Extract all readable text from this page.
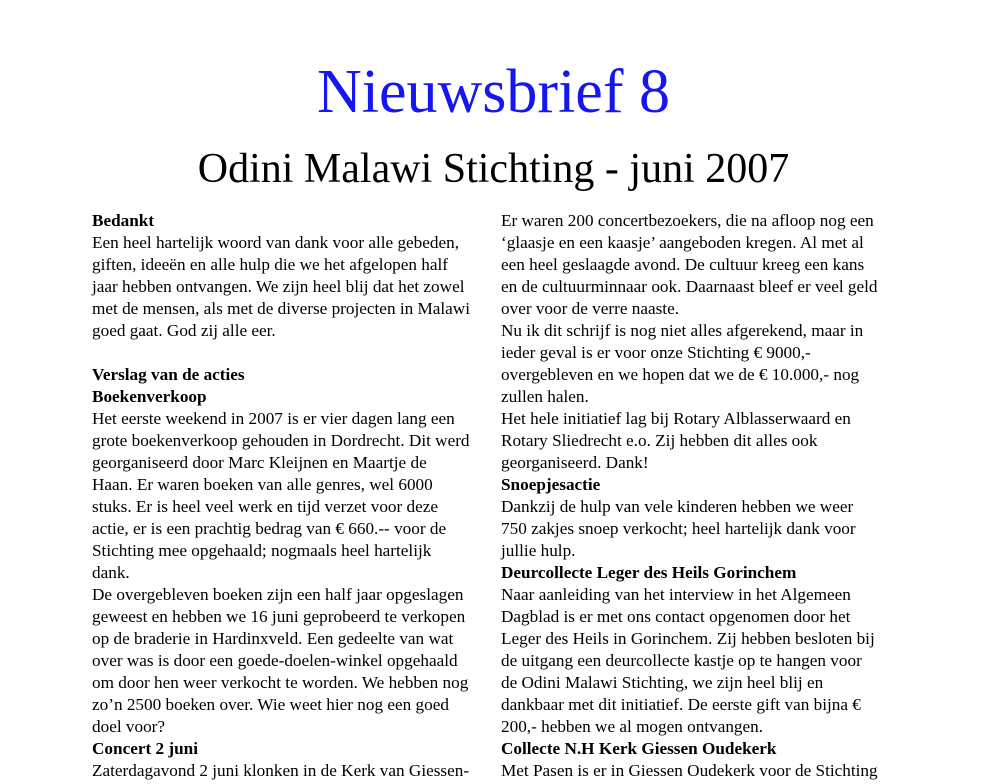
Nieuwsbrief 8
Odini Malawi Stichting - juni 2007
Bedankt
Een heel hartelijk woord van dank voor alle gebeden,
giften, ideeën en alle hulp die we het afgelopen half
jaar hebben ontvangen. We zijn heel blij dat het zowel
met de mensen, als met de diverse projecten in Malawi
goed gaat. God zij alle eer.
Verslag van de acties
Boekenverkoop
Het eerste weekend in 2007 is er vier dagen lang een
grote boekenverkoop gehouden in Dordrecht. Dit werd
georganiseerd door Marc Kleijnen en Maartje de
Haan. Er waren boeken van alle genres, wel 6000
stuks. Er is heel veel werk en tijd verzet voor deze
actie, er is een prachtig bedrag van € 660.-- voor de
Stichting mee opgehaald; nogmaals heel hartelijk
dank.
De overgebleven boeken zijn een half jaar opgeslagen
geweest en hebben we 16 juni geprobeerd te verkopen
op de braderie in Hardinxveld. Een gedeelte van wat
over was is door een goede-doelen-winkel opgehaald
om door hen weer verkocht te worden. We hebben nog
zo’n 2500 boeken over. Wie weet hier nog een goed
doel voor?
Concert 2 juni
Zaterdagavond 2 juni klonken in de Kerk van Giessen-
Er waren 200 concertbezoekers, die na afloop nog een
‘glaasje en een kaasje’ aangeboden kregen. Al met al
een heel geslaagde avond. De cultuur kreeg een kans
en de cultuurminnaar ook. Daarnaast bleef er veel geld
over voor de verre naaste.
Nu ik dit schrijf is nog niet alles afgerekend, maar in
ieder geval is er voor onze Stichting € 9000,-
overgebleven en we hopen dat we de € 10.000,- nog
zullen halen.
Het hele initiatief lag bij Rotary Alblasserwaard en
Rotary Sliedrecht e.o. Zij hebben dit alles ook
georganiseerd. Dank!
Snoepjesactie
Dankzij de hulp van vele kinderen hebben we weer
750 zakjes snoep verkocht; heel hartelijk dank voor
jullie hulp.
Deurcollecte Leger des Heils Gorinchem
Naar aanleiding van het interview in het Algemeen
Dagblad is er met ons contact opgenomen door het
Leger des Heils in Gorinchem. Zij hebben besloten bij
de uitgang een deurcollecte kastje op te hangen voor
de Odini Malawi Stichting, we zijn heel blij en
dankbaar met dit initiatief. De eerste gift van bijna €
200,- hebben we al mogen ontvangen.
Collecte N.H Kerk Giessen Oudekerk
Met Pasen is er in Giessen Oudekerk voor de Stichting
